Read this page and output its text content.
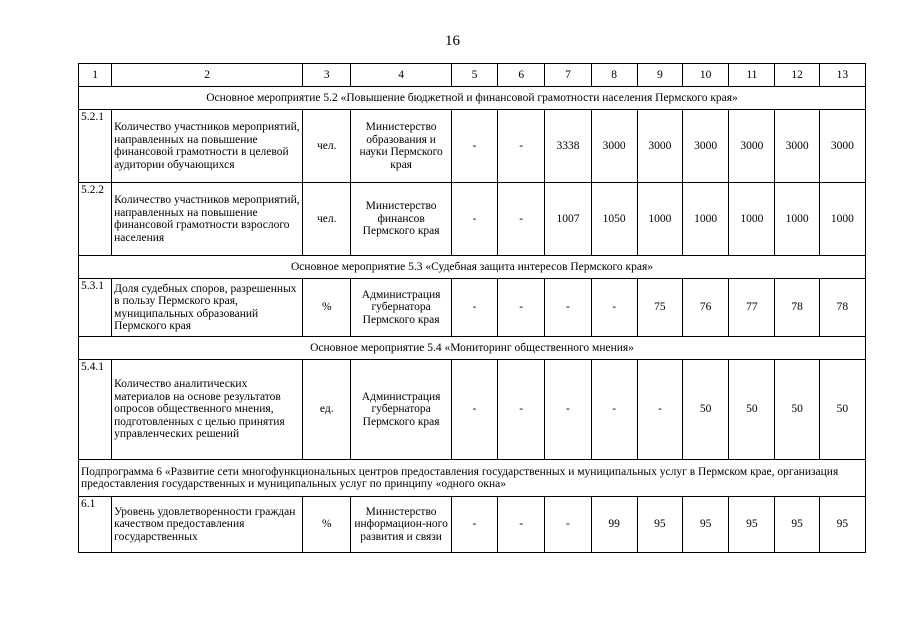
16
1	2	3	4	5	6	7	8	9	10	11	12	13
Основное мероприятие 5.2 «Повышение бюджетной и финансовой грамотности населения Пермского края»												
5.2.1	Количество участников мероприятий, направленных на повышение финансовой грамотности в целевой аудитории обучающихся	чел.	Министерство образования и науки Пермского края	-	-	3338	3000	3000	3000	3000	3000	3000
5.2.2	Количество участников мероприятий, направленных на повышение финансовой грамотности взрослого населения	чел.	Министерство финансов Пермского края	-	-	1007	1050	1000	1000	1000	1000	1000
Основное мероприятие 5.3 «Судебная защита интересов Пермского края»												
5.3.1	Доля судебных споров, разрешенных в пользу Пермского края, муниципальных образований Пермского края	%	Администрация губернатора Пермского края	-	-	-	-	75	76	77	78	78
Основное мероприятие 5.4 «Мониторинг общественного мнения»												
5.4.1	Количество аналитических материалов на основе результатов опросов общественного мнения, подготовленных с целью принятия управленческих решений	ед.	Администрация губернатора Пермского края	-	-	-	-	-	50	50	50	50
Подпрограмма 6 «Развитие сети многофункциональных центров предоставления государственных и муниципальных услуг в Пермском крае, организация предоставления государственных и муниципальных услуг по принципу «одного окна»												
6.1	Уровень удовлетворенности граждан качеством предоставления государственных	%	Министерство информацион-ного развития и связи	-	-	-	99	95	95	95	95	95
